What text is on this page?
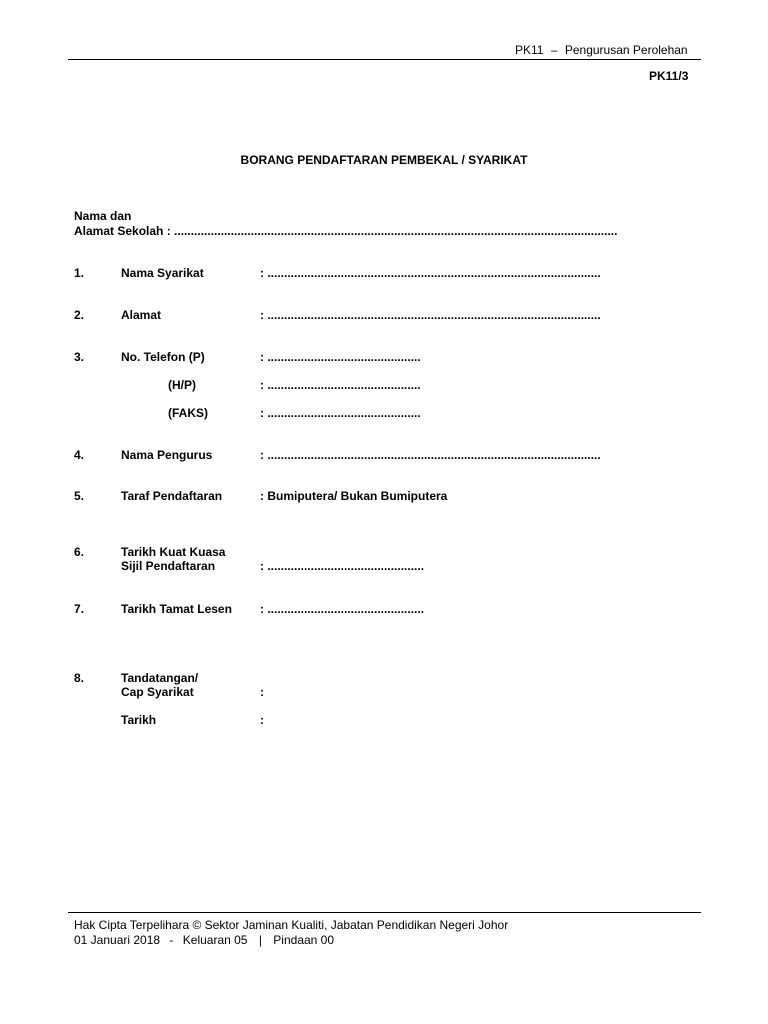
PK11 – Pengurusan Perolehan
PK11/3
BORANG PENDAFTARAN PEMBEKAL / SYARIKAT
Nama dan
Alamat Sekolah : .....................................................................................................................................
1.	Nama Syarikat	: ....................................................................................................
2.	Alamat	: ....................................................................................................
3.	No. Telefon (P)	: ..............................................
(H/P)	: ..............................................
(FAKS)	: ..............................................
4.	Nama Pengurus	: ....................................................................................................
5.	Taraf Pendaftaran	: Bumiputera/ Bukan Bumiputera
6.	Tarikh Kuat Kuasa
Sijil Pendaftaran	: ...............................................
7.	Tarikh Tamat Lesen : ...............................................
8.	Tandatangan/
Cap Syarikat	:
Tarikh	:
Hak Cipta Terpelihara © Sektor Jaminan Kualiti, Jabatan Pendidikan Negeri Johor
01 Januari 2018 - Keluaran 05 | Pindaan 00
